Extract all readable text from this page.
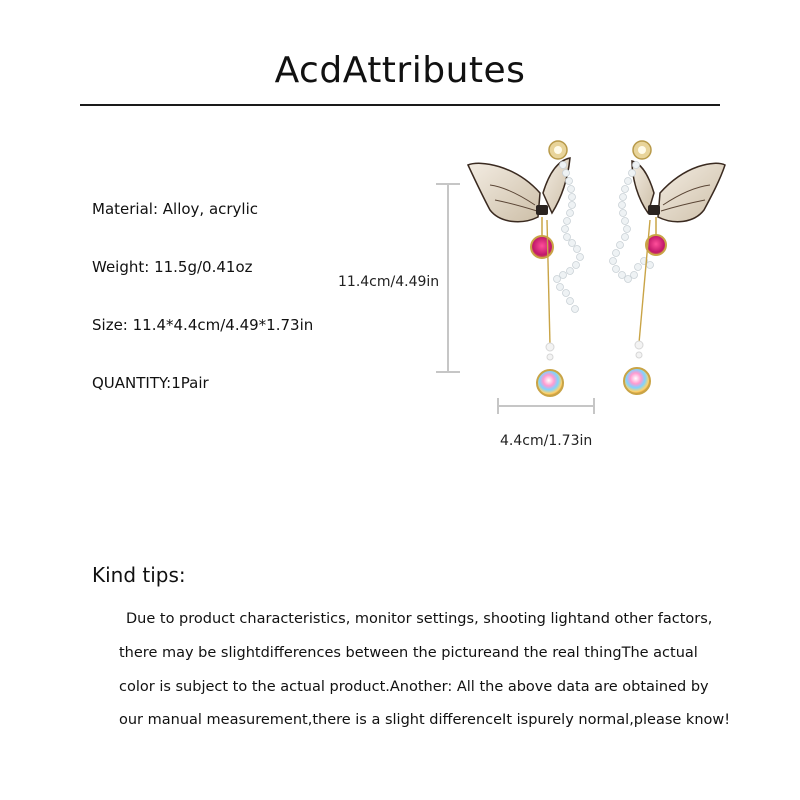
AcdAttributes
Material: Alloy, acrylic
Weight: 11.5g/0.41oz
Size: 11.4*4.4cm/4.49*1.73in
QUANTITY:1Pair
11.4cm/4.49in
4.4cm/1.73in
Kind tips:
Due to product characteristics, monitor settings, shooting lightand other factors,
there may be slightdifferences between the pictureand the real thingThe actual
color is subject to the actual product.Another: All the above data are obtained by
our manual measurement,there is a slight differenceIt ispurely normal,please know!
